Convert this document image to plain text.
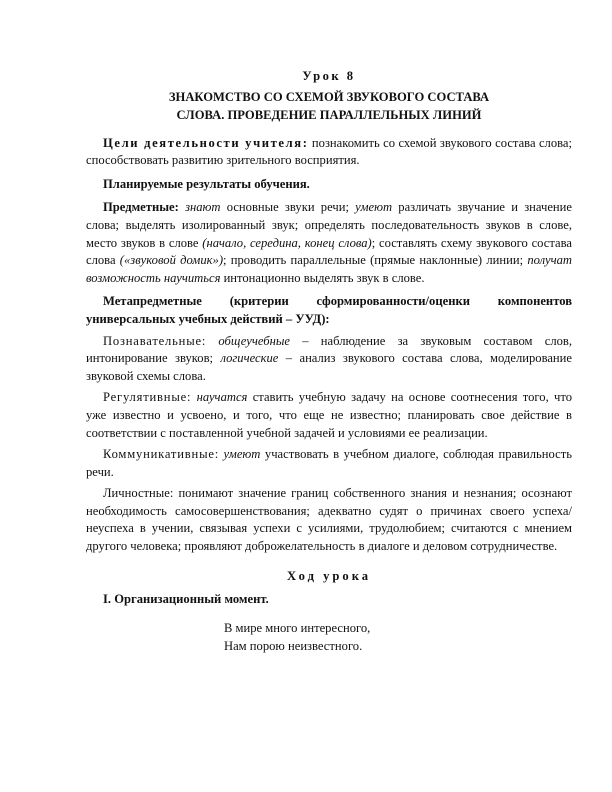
Урок 8
ЗНАКОМСТВО СО СХЕМОЙ ЗВУКОВОГО СОСТАВА
СЛОВА. ПРОВЕДЕНИЕ ПАРАЛЛЕЛЬНЫХ ЛИНИЙ

Цели деятельности учителя: познакомить со схемой звукового состава слова; способствовать развитию зрительного восприятия.

Планируемые результаты обучения.

Предметные: знают основные звуки речи; умеют различать звучание и значение слова; выделять изолированный звук; определять последовательность звуков в слове, место звуков в слове (начало, середина, конец слова); составлять схему звукового состава слова («звуковой домик»); проводить параллельные (прямые наклонные) линии; получат возможность научиться интонационно выделять звук в слове.

Метапредметные (критерии сформированности/оценки компонентов универсальных учебных действий – УУД):

Познавательные: общеучебные – наблюдение за звуковым составом слов, интонирование звуков; логические – анализ звукового состава слова, моделирование звуковой схемы слова.

Регулятивные: научатся ставить учебную задачу на основе соотнесения того, что уже известно и усвоено, и того, что еще не известно; планировать свое действие в соответствии с поставленной учебной задачей и условиями ее реализации.

Коммуникативные: умеют участвовать в учебном диалоге, соблюдая правильность речи.

Личностные: понимают значение границ собственного знания и незнания; осознают необходимость самосовершенствования; адекватно судят о причинах своего успеха/неуспеха в учении, связывая успехи с усилиями, трудолюбием; считаются с мнением другого человека; проявляют доброжелательность в диалоге и деловом сотрудничестве.

Ход урока

I. Организационный момент.

В мире много интересного,
Нам порою неизвестного.
